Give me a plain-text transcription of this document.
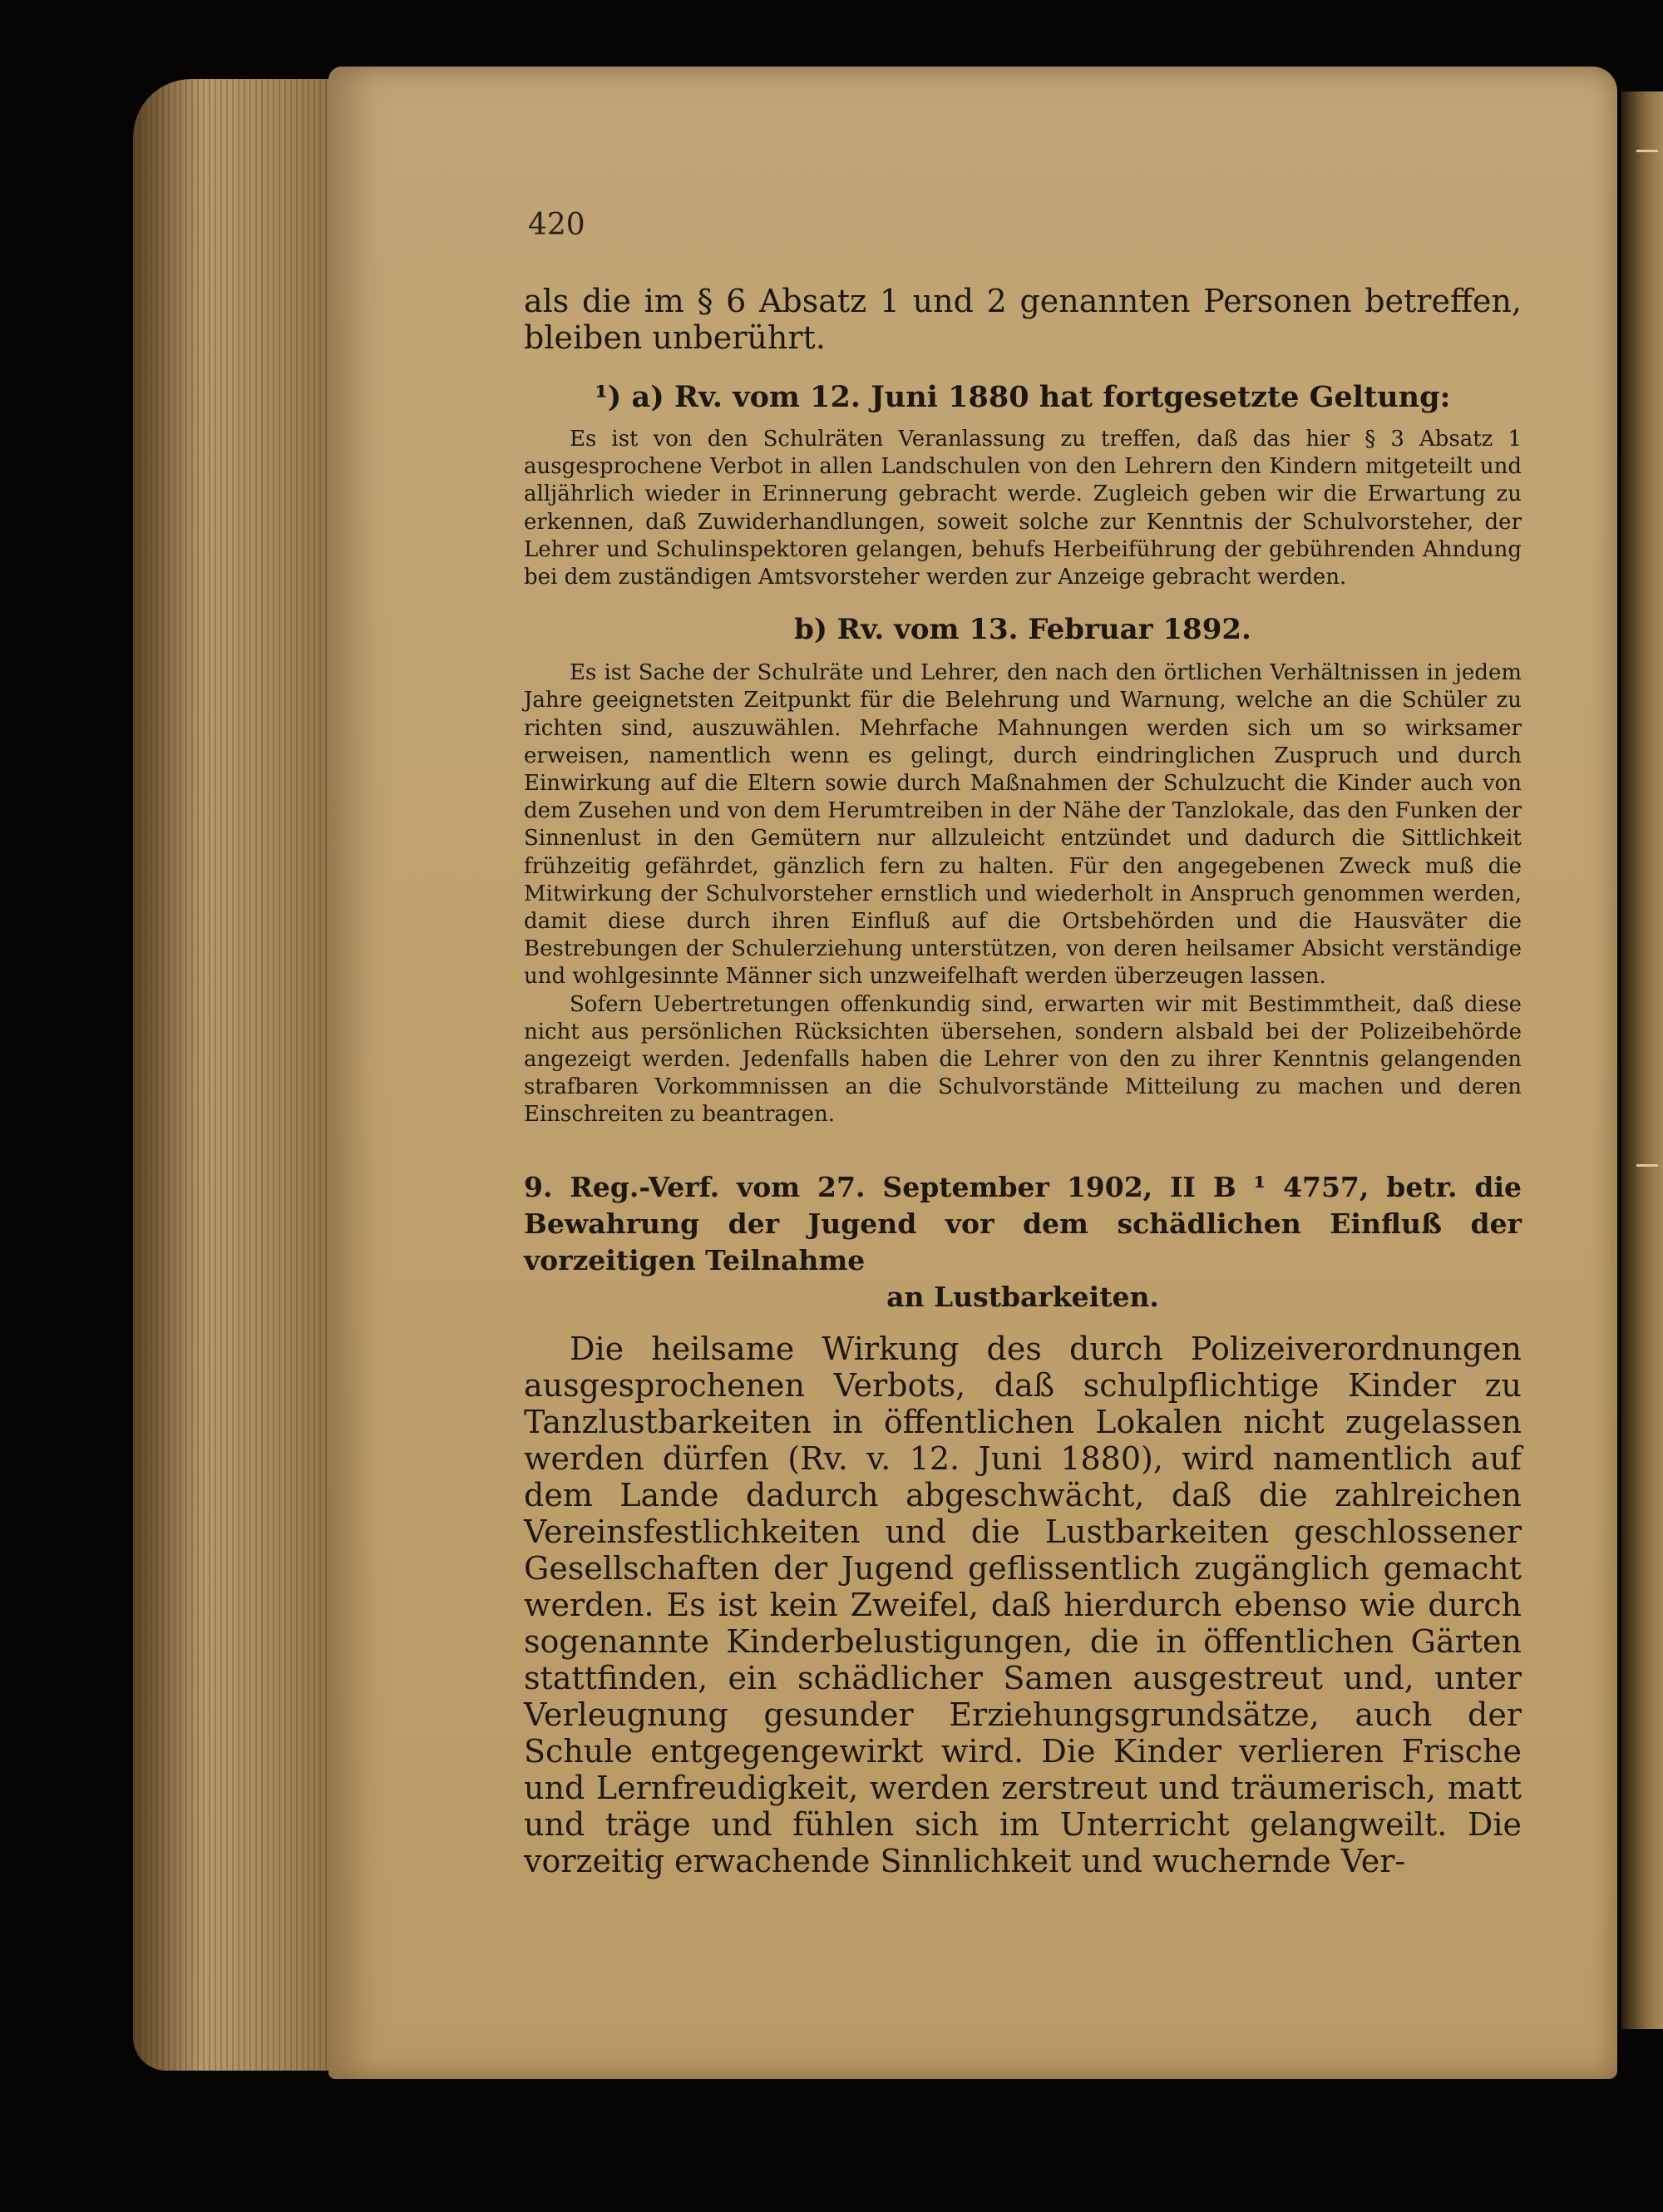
420

als die im § 6 Absatz 1 und 2 genannten Personen betreffen, bleiben unberührt.

¹) a) Rv. vom 12. Juni 1880 hat fortgesetzte Geltung:

Es ist von den Schulräten Veranlassung zu treffen, daß das hier § 3 Absatz 1 ausgesprochene Verbot in allen Landschulen von den Lehrern den Kindern mitgeteilt und alljährlich wieder in Erinnerung gebracht werde. Zugleich geben wir die Erwartung zu erkennen, daß Zuwiderhandlungen, soweit solche zur Kenntnis der Schulvorsteher, der Lehrer und Schulinspektoren gelangen, behufs Herbeiführung der gebührenden Ahndung bei dem zuständigen Amtsvorsteher werden zur Anzeige gebracht werden.

b) Rv. vom 13. Februar 1892.

Es ist Sache der Schulräte und Lehrer, den nach den örtlichen Verhältnissen in jedem Jahre geeignetsten Zeitpunkt für die Belehrung und Warnung, welche an die Schüler zu richten sind, auszuwählen. Mehrfache Mahnungen werden sich um so wirksamer erweisen, namentlich wenn es gelingt, durch eindringlichen Zuspruch und durch Einwirkung auf die Eltern sowie durch Maßnahmen der Schulzucht die Kinder auch von dem Zusehen und von dem Herumtreiben in der Nähe der Tanzlokale, das den Funken der Sinnenlust in den Gemütern nur allzuleicht entzündet und dadurch die Sittlichkeit frühzeitig gefährdet, gänzlich fern zu halten. Für den angegebenen Zweck muß die Mitwirkung der Schulvorsteher ernstlich und wiederholt in Anspruch genommen werden, damit diese durch ihren Einfluß auf die Ortsbehörden und die Hausväter die Bestrebungen der Schulerziehung unterstützen, von deren heilsamer Absicht verständige und wohlgesinnte Männer sich unzweifelhaft werden überzeugen lassen.

Sofern Uebertretungen offenkundig sind, erwarten wir mit Bestimmtheit, daß diese nicht aus persönlichen Rücksichten übersehen, sondern alsbald bei der Polizeibehörde angezeigt werden. Jedenfalls haben die Lehrer von den zu ihrer Kenntnis gelangenden strafbaren Vorkommnissen an die Schulvorstände Mitteilung zu machen und deren Einschreiten zu beantragen.

9. Reg.-Verf. vom 27. September 1902, II B ¹ 4757, betr. die Bewahrung der Jugend vor dem schädlichen Einfluß der vorzeitigen Teilnahme
an Lustbarkeiten.

Die heilsame Wirkung des durch Polizeiverordnungen ausgesprochenen Verbots, daß schulpflichtige Kinder zu Tanzlustbarkeiten in öffentlichen Lokalen nicht zugelassen werden dürfen (Rv. v. 12. Juni 1880), wird namentlich auf dem Lande dadurch abgeschwächt, daß die zahlreichen Vereinsfestlichkeiten und die Lustbarkeiten geschlossener Gesellschaften der Jugend geflissentlich zugänglich gemacht werden. Es ist kein Zweifel, daß hierdurch ebenso wie durch sogenannte Kinderbelustigungen, die in öffentlichen Gärten stattfinden, ein schädlicher Samen ausgestreut und, unter Verleugnung gesunder Erziehungsgrundsätze, auch der Schule entgegengewirkt wird. Die Kinder verlieren Frische und Lernfreudigkeit, werden zerstreut und träumerisch, matt und träge und fühlen sich im Unterricht gelangweilt. Die vorzeitig erwachende Sinnlichkeit und wuchernde Ver-
